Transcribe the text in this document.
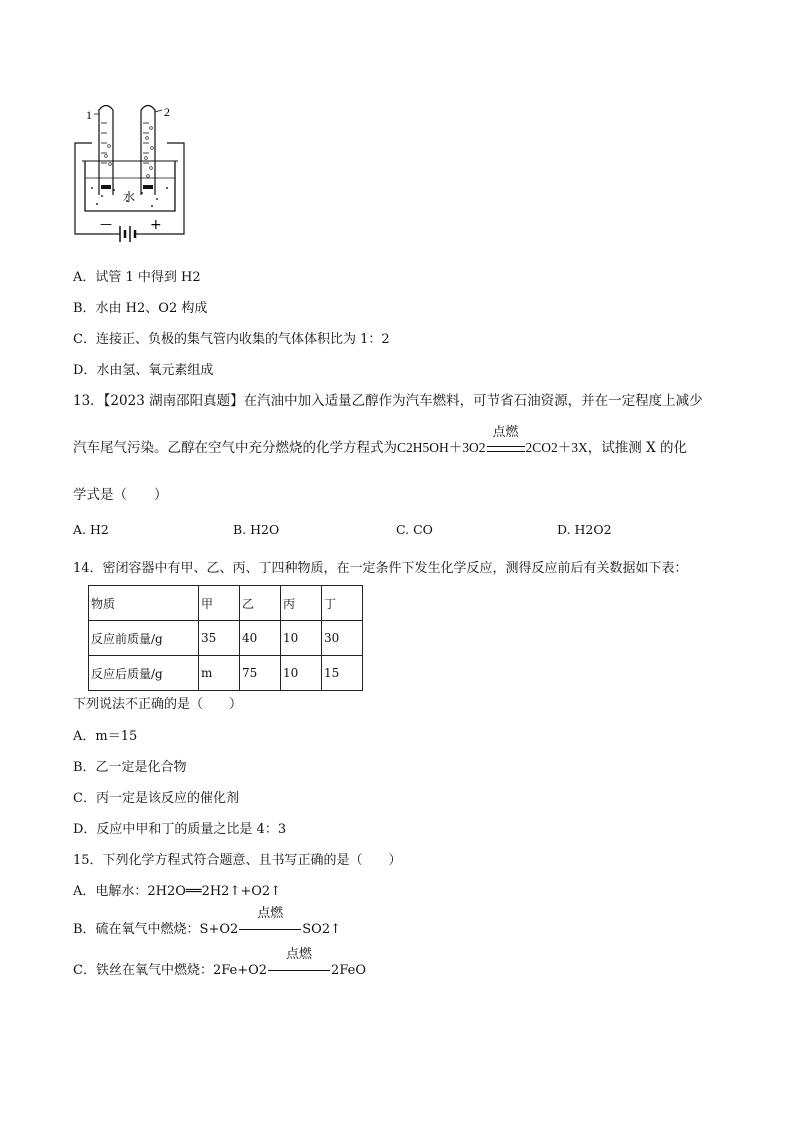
1	2
水
—	+
A．试管 1 中得到 H2
B．水由 H2、O2 构成
C．连接正、负极的集气管内收集的气体体积比为 1：2
D．水由氢、氧元素组成
13．【2023 湖南邵阳真题】在汽油中加入适量乙醇作为汽车燃料，可节省石油资源，并在一定程度上减少
汽车尾气污染。乙醇在空气中充分燃烧的化学方程式为C2H5OH＋3O2
点燃
2CO2＋3X，试推测 X 的化
学式是（　　）
A. H2	B. H2O	C. CO	D. H2O2
14．密闭容器中有甲、乙、丙、丁四种物质，在一定条件下发生化学反应，测得反应前后有关数据如下表：
物质	甲	乙	丙	丁
反应前质量/g	35	40	10	30
反应后质量/g	m	75	10	15
下列说法不正确的是（　　）
A．m＝15
B．乙一定是化合物
C．丙一定是该反应的催化剂
D．反应中甲和丁的质量之比是 4：3
15．下列化学方程式符合题意、且书写正确的是（　　）
A．电解水：2H2O══2H2↑+O2↑
B．硫在氧气中燃烧：S+O2
点燃
SO2↑
C．铁丝在氧气中燃烧：2Fe+O2
点燃
2FeO
